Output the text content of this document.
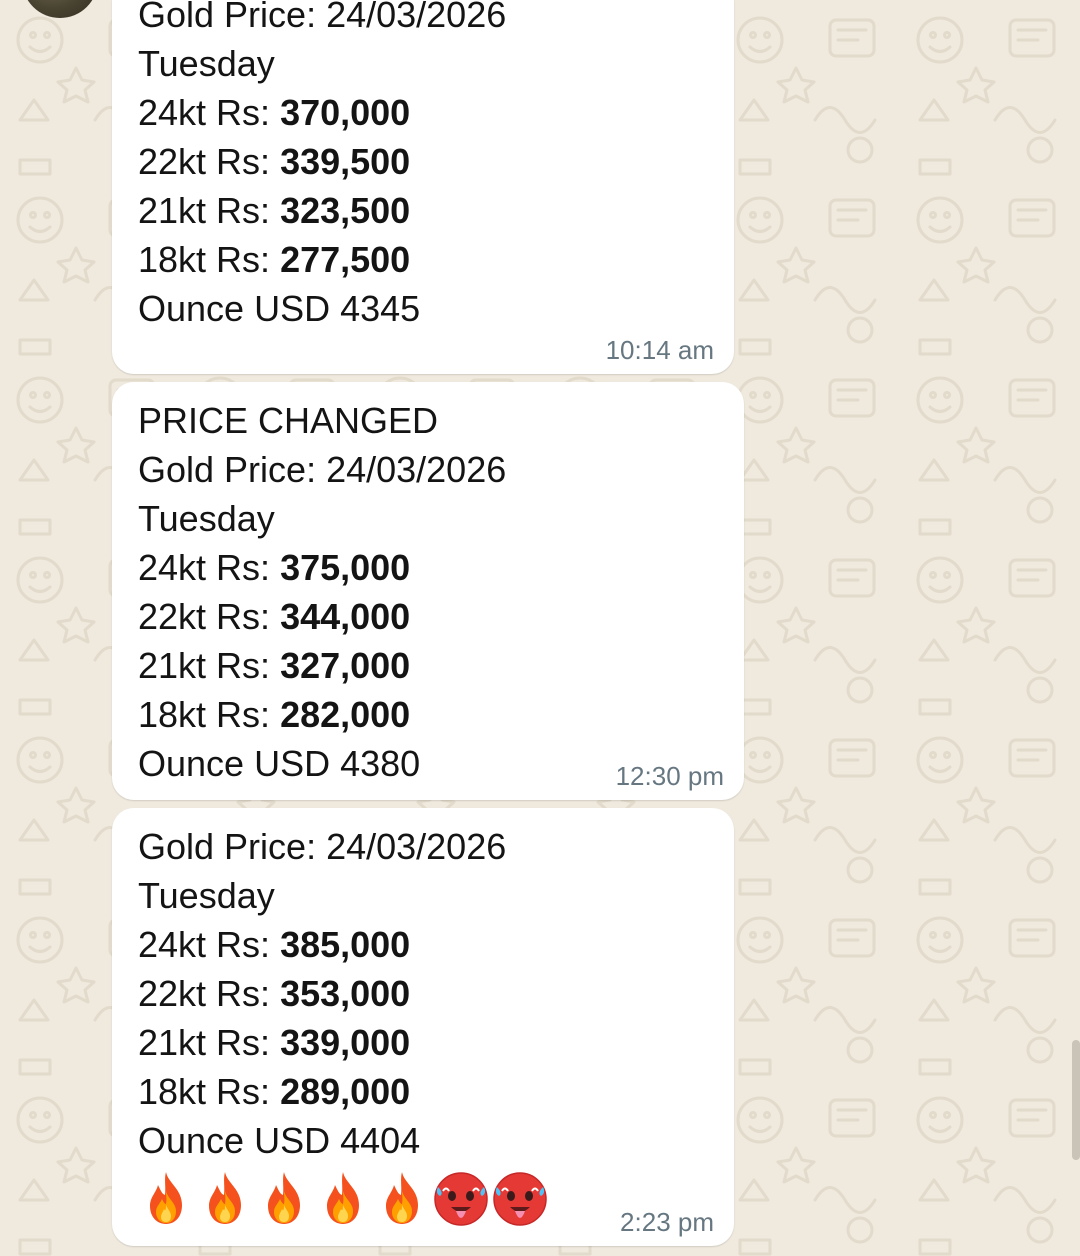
Gold Price: 24/03/2026
Tuesday
24kt Rs: 370,000
22kt Rs: 339,500
21kt Rs: 323,500
18kt Rs: 277,500
Ounce USD 4345
10:14 am
PRICE CHANGED
Gold Price: 24/03/2026
Tuesday
24kt Rs: 375,000
22kt Rs: 344,000
21kt Rs: 327,000
18kt Rs: 282,000
Ounce USD 4380	12:30 pm
Gold Price: 24/03/2026
Tuesday
24kt Rs: 385,000
22kt Rs: 353,000
21kt Rs: 339,000
18kt Rs: 289,000
Ounce USD 4404
2:23 pm
